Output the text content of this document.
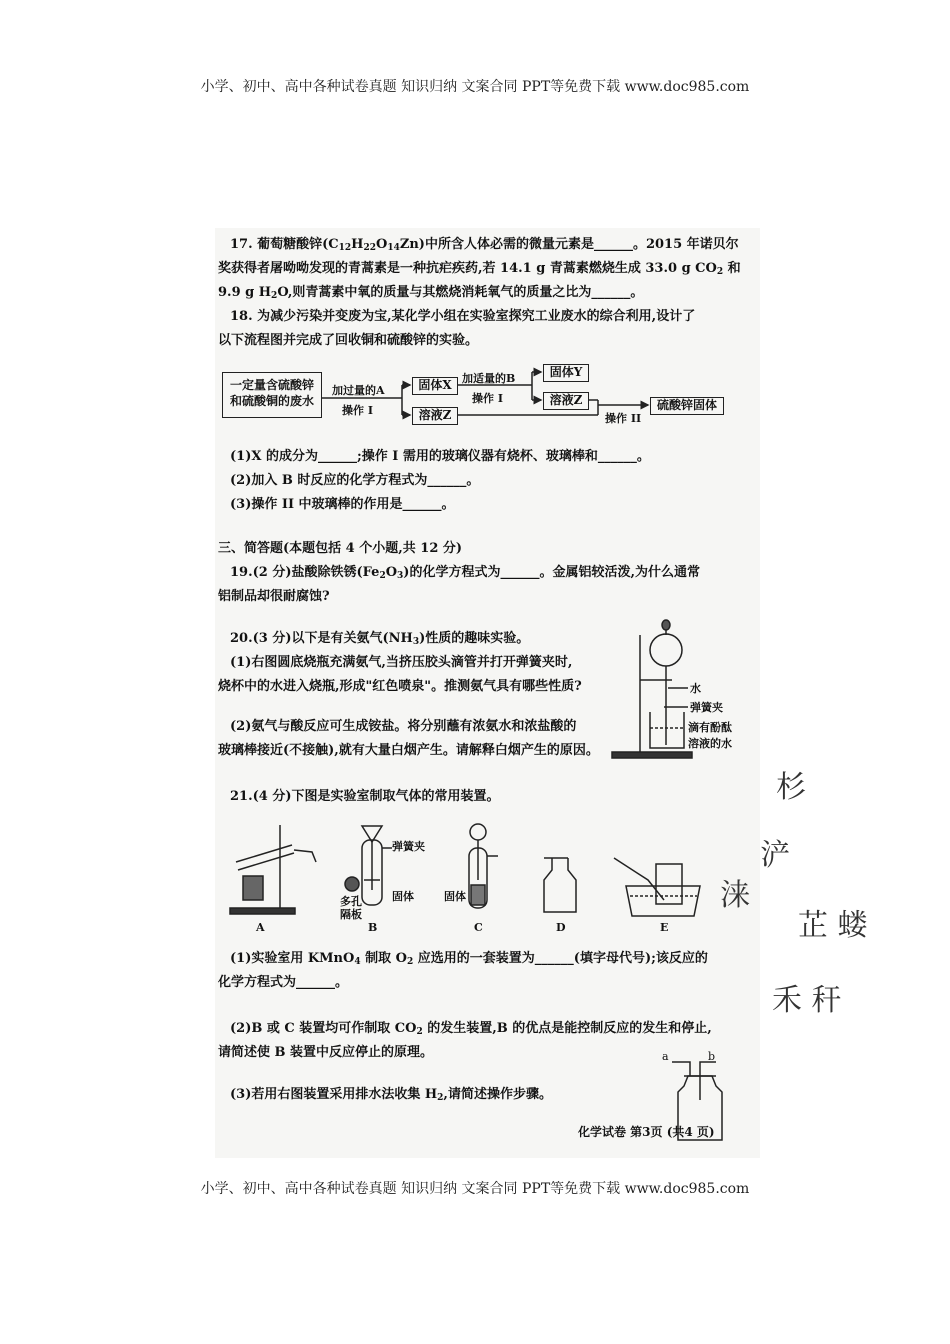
小学、初中、高中各种试卷真题 知识归纳 文案合同 PPT等免费下载 www.doc985.com
17. 葡萄糖酸锌$(C_{12}H_{22}O_{14}Zn)$中所含人体必需的微量元素是______。2015 年诺贝尔
奖获得者屠呦呦发现的青蒿素是一种抗疟疾药,若 14.1 g 青蒿素燃烧生成 33.0 g $CO_2$ 和
9.9 g $H_2O$,则青蒿素中氧的质量与其燃烧消耗氧气的质量之比为______。
18. 为减少污染并变废为宝,某化学小组在实验室探究工业废水的综合利用,设计了
以下流程图并完成了回收铜和硫酸锌的实验。
一定量含硫酸锌
和硫酸铜的废水
加过量的A
操作 I
固体X
溶液Z
加适量的B
操作 I
固体Y
溶液Z
操作 II
硫酸锌固体
(1)X 的成分为______;操作 I 需用的玻璃仪器有烧杯、玻璃棒和______。
(2)加入 B 时反应的化学方程式为______。
(3)操作 II 中玻璃棒的作用是______。
三、简答题(本题包括 4 个小题,共 12 分)
19.(2 分)盐酸除铁锈$(Fe_2O_3)$的化学方程式为______。金属铝较活泼,为什么通常
铝制品却很耐腐蚀?
20.(3 分)以下是有关氨气$(NH_3)$性质的趣味实验。
(1)右图圆底烧瓶充满氨气,当挤压胶头滴管并打开弹簧夹时,
烧杯中的水进入烧瓶,形成"红色喷泉"。推测氨气具有哪些性质?
(2)氨气与酸反应可生成铵盐。将分别蘸有浓氨水和浓盐酸的
玻璃棒接近(不接触),就有大量白烟产生。请解释白烟产生的原因。
水
弹簧夹
滴有酚酞
溶液的水
21.(4 分)下图是实验室制取气体的常用装置。
A	B	C	D	E
弹簧夹
多孔
隔板
固体	固体
(1)实验室用 KMnO$_4$ 制取 $O_2$ 应选用的一套装置为______(填字母代号);该反应的
化学方程式为______。
(2)B 或 C 装置均可作制取 $CO_2$ 的发生装置,B 的优点是能控制反应的发生和停止,
请简述使 B 装置中反应停止的原理。
(3)若用右图装置采用排水法收集 $H_2$,请简述操作步骤。
a	b
化学试卷 第3页 (共4 页)
杉
浐
涞
芷 蝼
禾 秆
小学、初中、高中各种试卷真题 知识归纳 文案合同 PPT等免费下载 www.doc985.com
